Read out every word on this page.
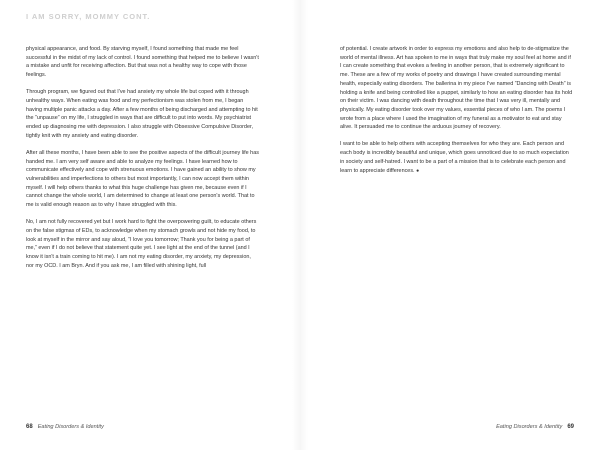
I AM SORRY, MOMMY CONT.

physical appearance, and food. By starving myself, I found something that made me feel successful in the midst of my lack of control. I found something that helped me to believe I wasn't a mistake and unfit for receiving affection. But that was not a healthy way to cope with those feelings.

Through program, we figured out that I've had anxiety my whole life but coped with it through unhealthy ways. When eating was food and my perfectionism was stolen from me, I began having multiple panic attacks a day. After a few months of being discharged and attempting to hit the “unpause” on my life, I struggled in ways that are difficult to put into words. My psychiatrist ended up diagnosing me with depression. I also struggle with Obsessive Compulsive Disorder, tightly knit with my anxiety and eating disorder.

After all these months, I have been able to see the positive aspects of the difficult journey life has handed me. I am very self aware and able to analyze my feelings. I have learned how to communicate effectively and cope with strenuous emotions. I have gained an ability to show my vulnerabilities and imperfections to others but most importantly, I can now accept them within myself. I will help others thanks to what this huge challenge has given me, because even if I cannot change the whole world, I am determined to change at least one person's world. That to me is valid enough reason as to why I have struggled with this.

No, I am not fully recovered yet but I work hard to fight the overpowering guilt, to educate others on the false stigmas of EDs, to acknowledge when my stomach growls and not hide my food, to look at myself in the mirror and say aloud, “I love you tomorrow; Thank you for being a part of me,” even if I do not believe that statement quite yet. I see light at the end of the tunnel (and I know it isn't a train coming to hit me). I am not my eating disorder, my anxiety, my depression, nor my OCD. I am Bryn. And if you ask me, I am filled with shining light, full

of potential. I create artwork in order to express my emotions and also help to de-stigmatize the world of mental illness. Art has spoken to me in ways that truly make my soul feel at home and if I can create something that evokes a feeling in another person, that is extremely significant to me. These are a few of my works of poetry and drawings I have created surrounding mental health, especially eating disorders. The ballerina in my piece I've named “Dancing with Death” is holding a knife and being controlled like a puppet, similarly to how an eating disorder has its hold on their victim. I was dancing with death throughout the time that I was very ill, mentally and physically. My eating disorder took over my values, essential pieces of who I am. The poems I wrote from a place where I used the imagination of my funeral as a motivator to eat and stay alive. It persuaded me to continue the arduous journey of recovery.

I want to be able to help others with accepting themselves for who they are. Each person and each body is incredibly beautiful and unique, which goes unnoticed due to so much expectation in society and self-hatred. I want to be a part of a mission that is to celebrate each person and learn to appreciate differences. ●

68 Eating Disorders & Identity	Eating Disorders & Identity 69
